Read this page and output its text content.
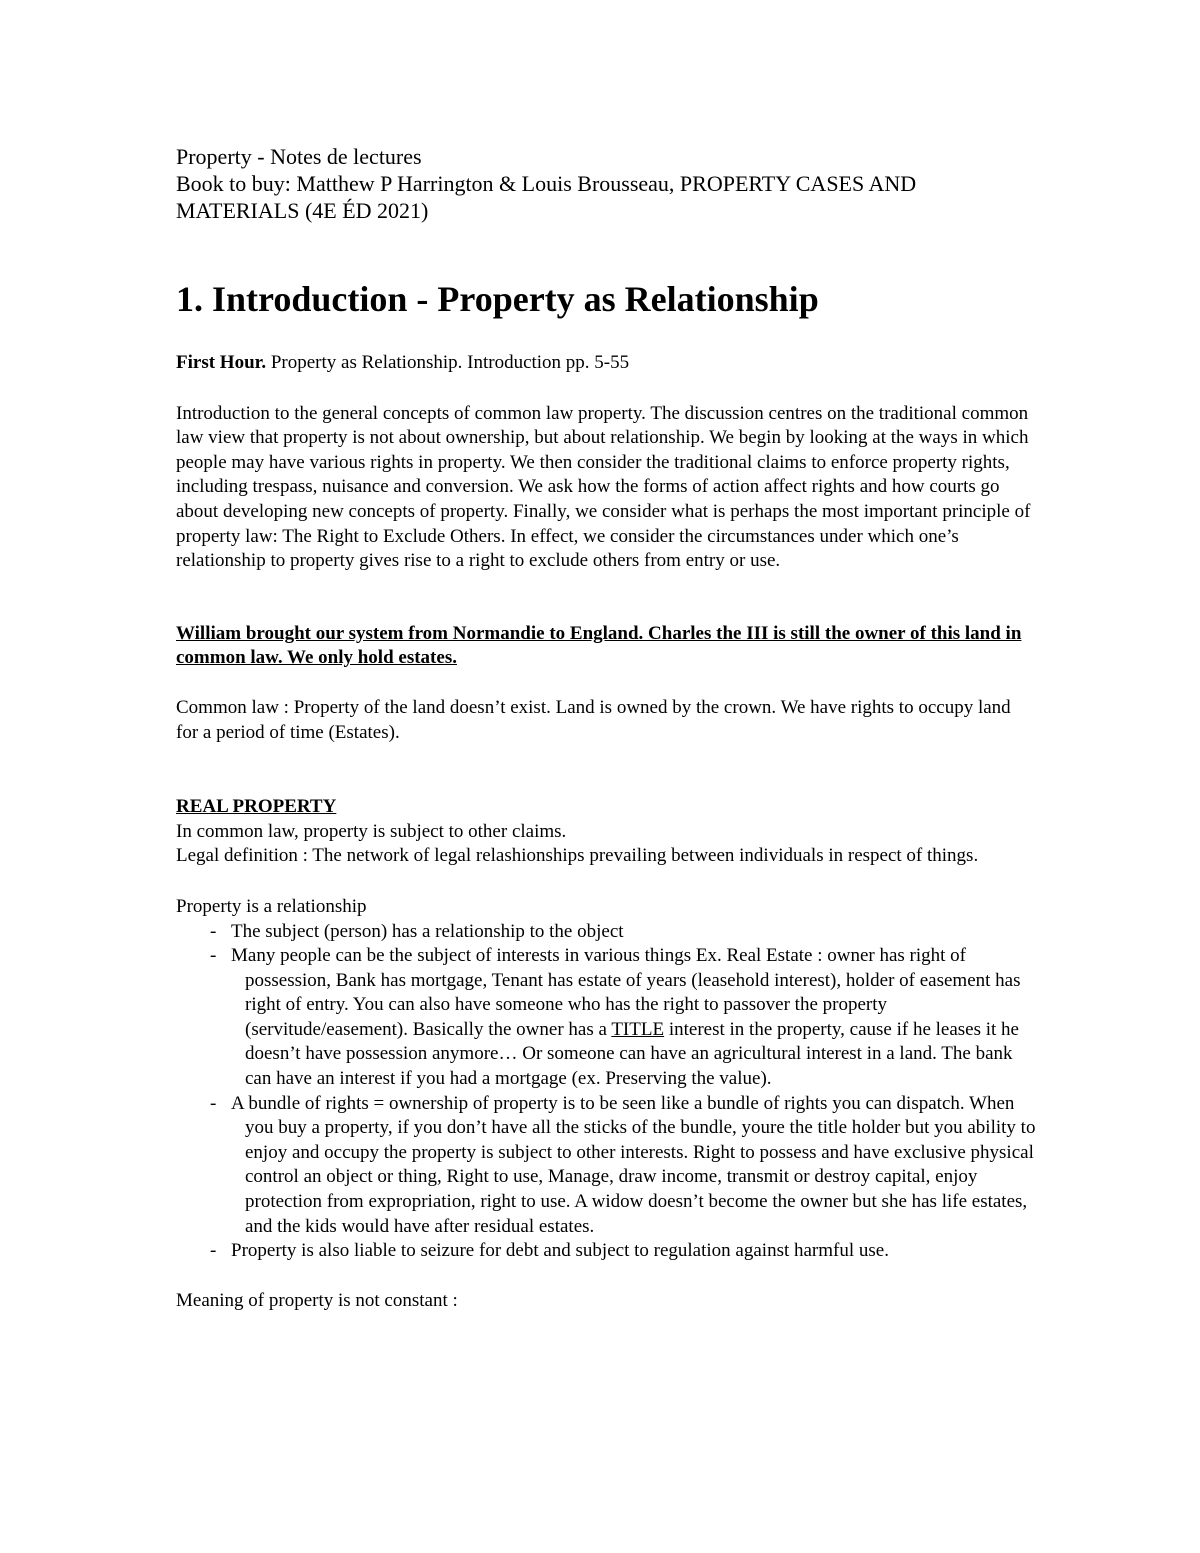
Property - Notes de lectures

Book to buy: Matthew P Harrington & Louis Brousseau, PROPERTY CASES AND MATERIALS (4E ÉD 2021)

1. Introduction - Property as Relationship

First Hour. Property as Relationship. Introduction pp. 5-55

Introduction to the general concepts of common law property. The discussion centres on the traditional common law view that property is not about ownership, but about relationship. We begin by looking at the ways in which people may have various rights in property. We then consider the traditional claims to enforce property rights, including trespass, nuisance and conversion. We ask how the forms of action affect rights and how courts go about developing new concepts of property. Finally, we consider what is perhaps the most important principle of property law: The Right to Exclude Others. In effect, we consider the circumstances under which one’s relationship to property gives rise to a right to exclude others from entry or use.

William brought our system from Normandie to England. Charles the III is still the owner of this land in common law. We only hold estates.

Common law : Property of the land doesn’t exist. Land is owned by the crown. We have rights to occupy land for a period of time (Estates).

REAL PROPERTY

In common law, property is subject to other claims.

Legal definition : The network of legal relashionships prevailing between individuals in respect of things.

Property is a relationship

- The subject (person) has a relationship to the object
- Many people can be the subject of interests in various things Ex. Real Estate : owner has right of possession, Bank has mortgage, Tenant has estate of years (leasehold interest), holder of easement has right of entry. You can also have someone who has the right to passover the property (servitude/easement). Basically the owner has a TITLE interest in the property, cause if he leases it he doesn’t have possession anymore… Or someone can have an agricultural interest in a land. The bank can have an interest if you had a mortgage (ex. Preserving the value).
- A bundle of rights = ownership of property is to be seen like a bundle of rights you can dispatch. When you buy a property, if you don’t have all the sticks of the bundle, youre the title holder but you ability to enjoy and occupy the property is subject to other interests. Right to possess and have exclusive physical control an object or thing, Right to use, Manage, draw income, transmit or destroy capital, enjoy protection from expropriation, right to use. A widow doesn’t become the owner but she has life estates, and the kids would have after residual estates.
- Property is also liable to seizure for debt and subject to regulation against harmful use.

Meaning of property is not constant :
